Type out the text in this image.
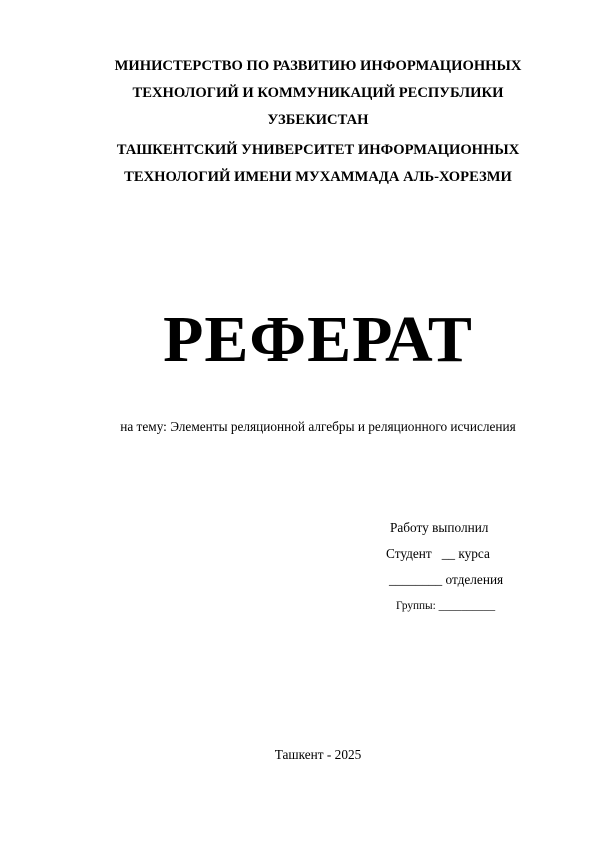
МИНИСТЕРСТВО ПО РАЗВИТИЮ ИНФОРМАЦИОННЫХ
ТЕХНОЛОГИЙ И КОММУНИКАЦИЙ РЕСПУБЛИКИ
УЗБЕКИСТАН
ТАШКЕНТСКИЙ УНИВЕРСИТЕТ ИНФОРМАЦИОННЫХ
ТЕХНОЛОГИЙ ИМЕНИ МУХАММАДА АЛЬ-ХОРЕЗМИ
РЕФЕРАТ
на тему: Элементы реляционной алгебры и реляционного исчисления
Работу выполнил
Студент   __ курса
________ отделения
Группы: __________
Ташкент - 2025
